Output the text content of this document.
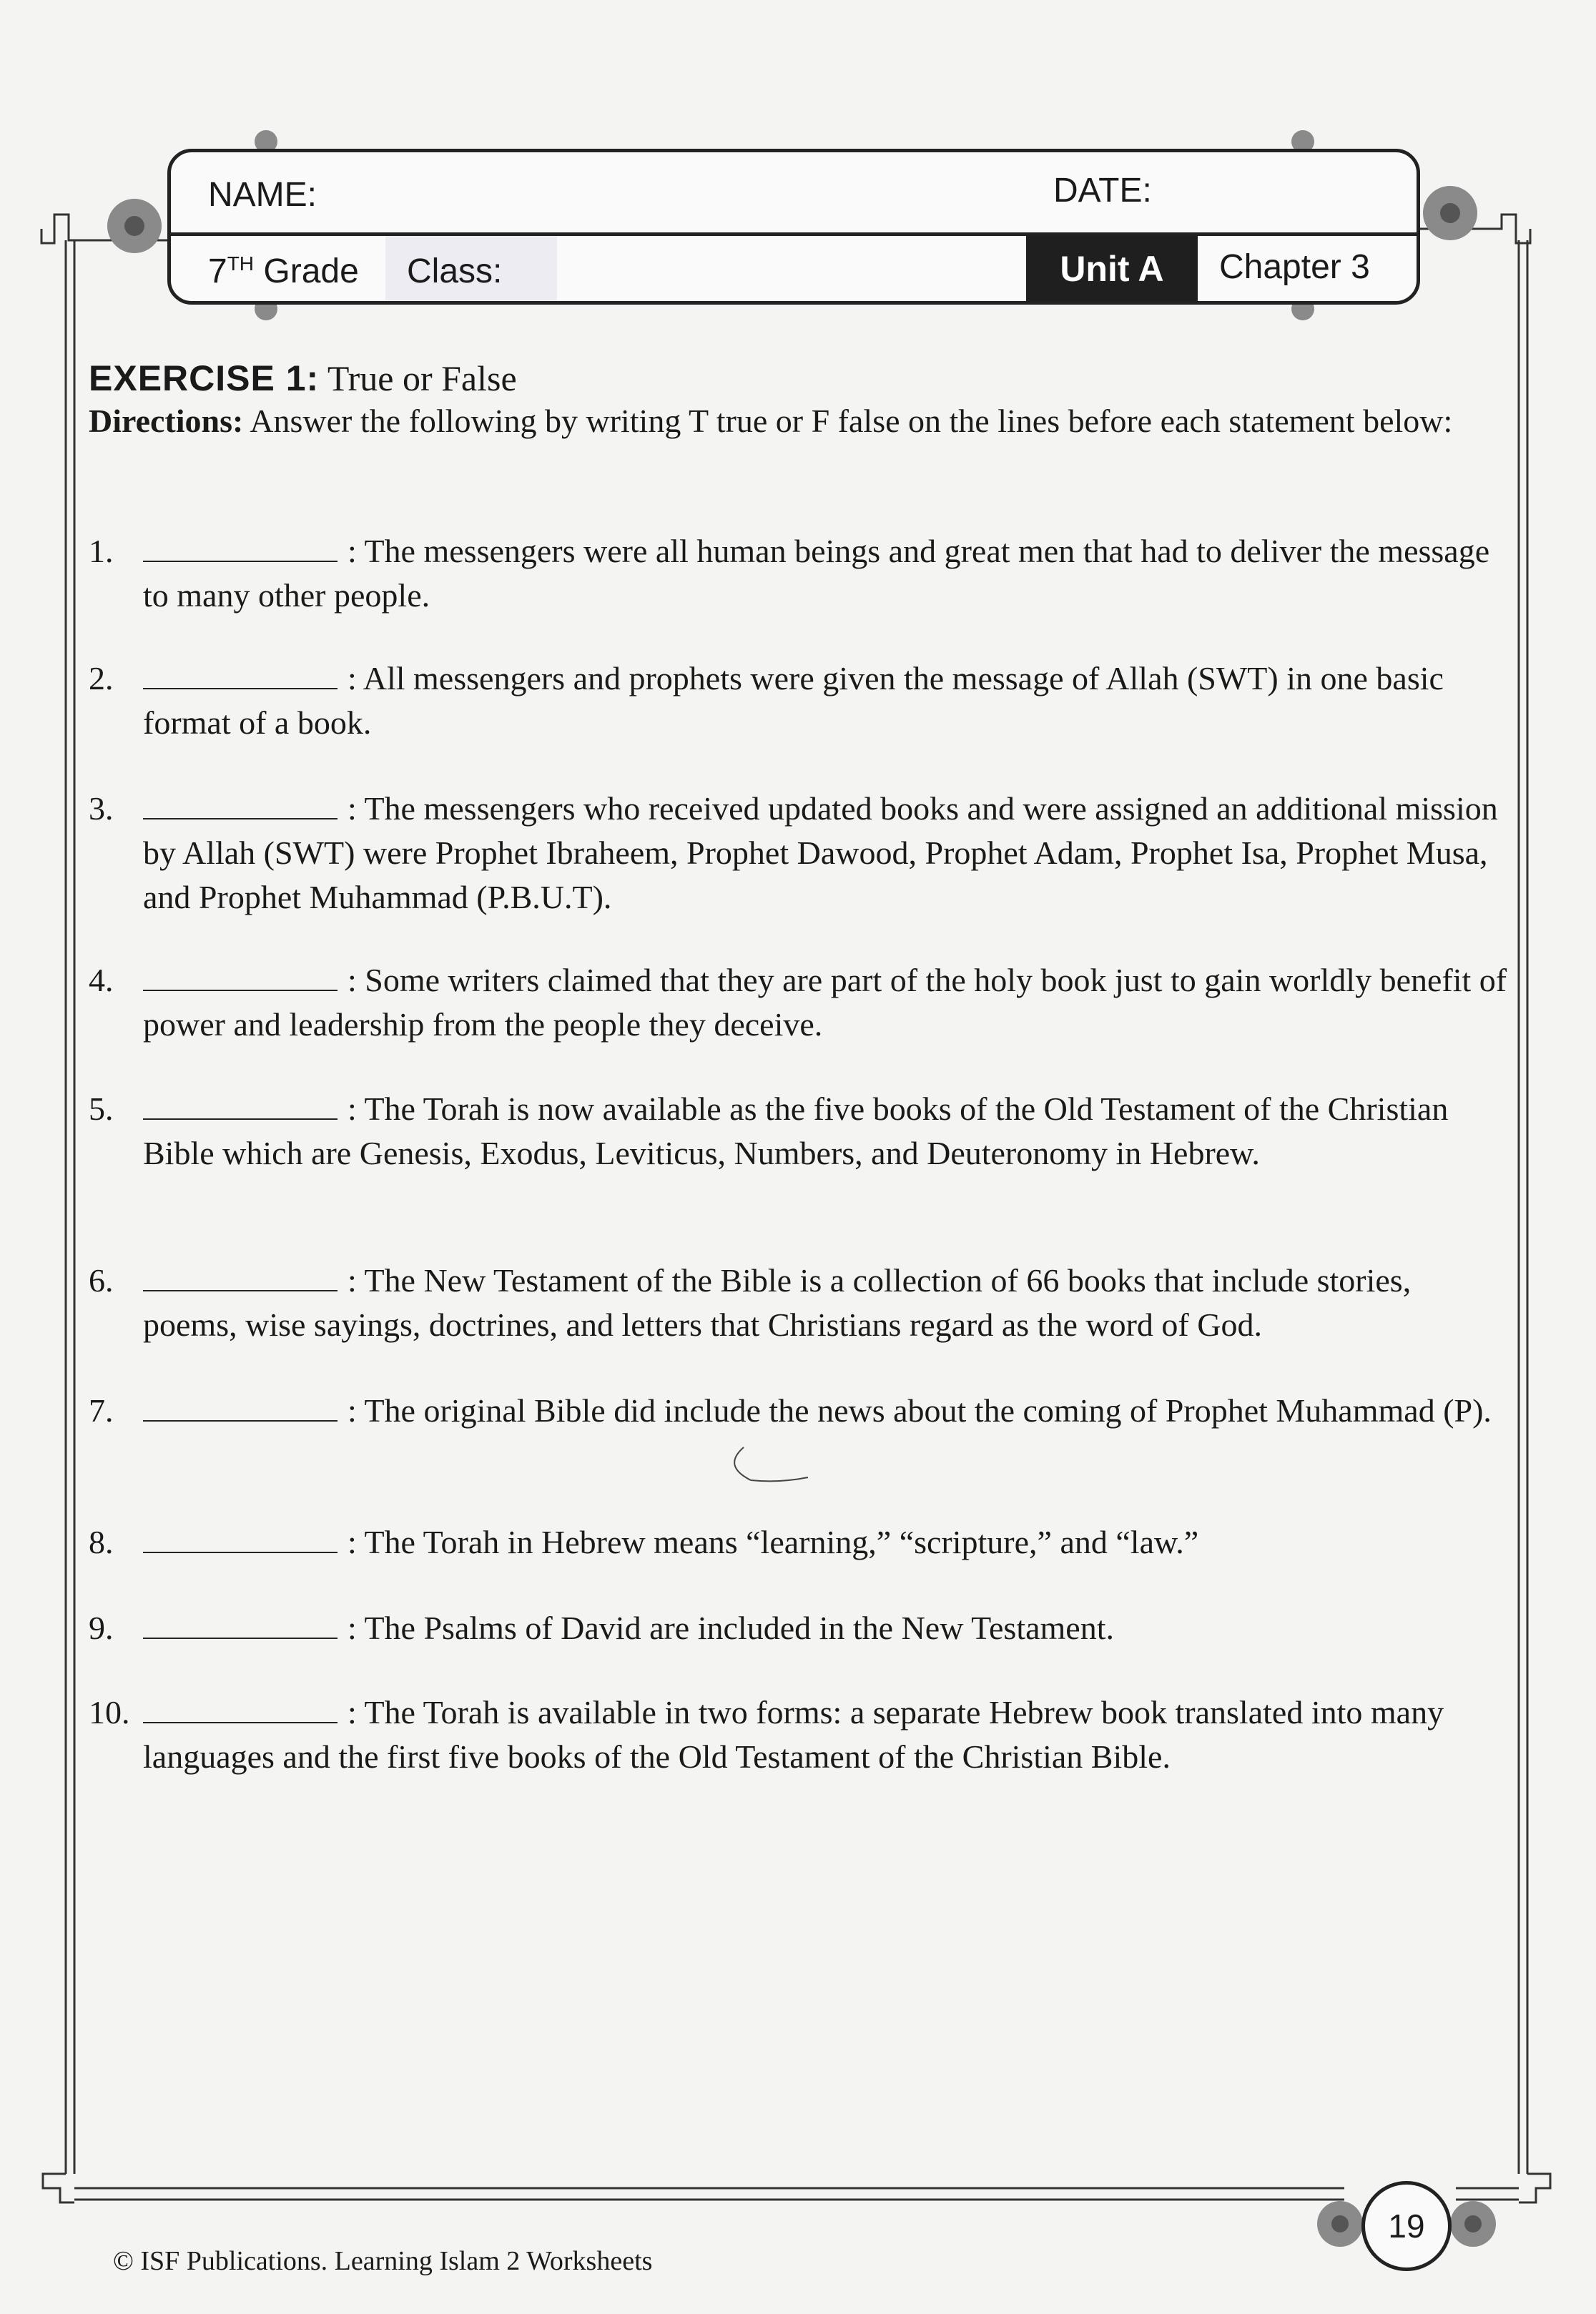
NAME:	DATE:
7TH Grade Class:	Unit A	Chapter 3
EXERCISE 1: True or False
Directions: Answer the following by writing T true or F false on the lines before each statement below:
1.	: The messengers were all human beings and great men that had to deliver the message to many other people.
2.	: All messengers and prophets were given the message of Allah (SWT) in one basic format of a book.
3.	: The messengers who received updated books and were assigned an additional mission by Allah (SWT) were Prophet Ibraheem, Prophet Dawood, Prophet Adam, Prophet Isa, Prophet Musa, and Prophet Muhammad (P.B.U.T).
4.	: Some writers claimed that they are part of the holy book just to gain worldly benefit of power and leadership from the people they deceive.
5.	: The Torah is now available as the five books of the Old Testament of the Christian Bible which are Genesis, Exodus, Leviticus, Numbers, and Deuteronomy in Hebrew.
6.	: The New Testament of the Bible is a collection of 66 books that include stories, poems, wise sayings, doctrines, and letters that Christians regard as the word of God.
7.	: The original Bible did include the news about the coming of Prophet Muhammad (P).
8.	: The Torah in Hebrew means “learning,” “scripture,” and “law.”
9.	: The Psalms of David are included in the New Testament.
10.	: The Torah is available in two forms: a separate Hebrew book translated into many languages and the first five books of the Old Testament of the Christian Bible.
19
© ISF Publications. Learning Islam 2 Worksheets
